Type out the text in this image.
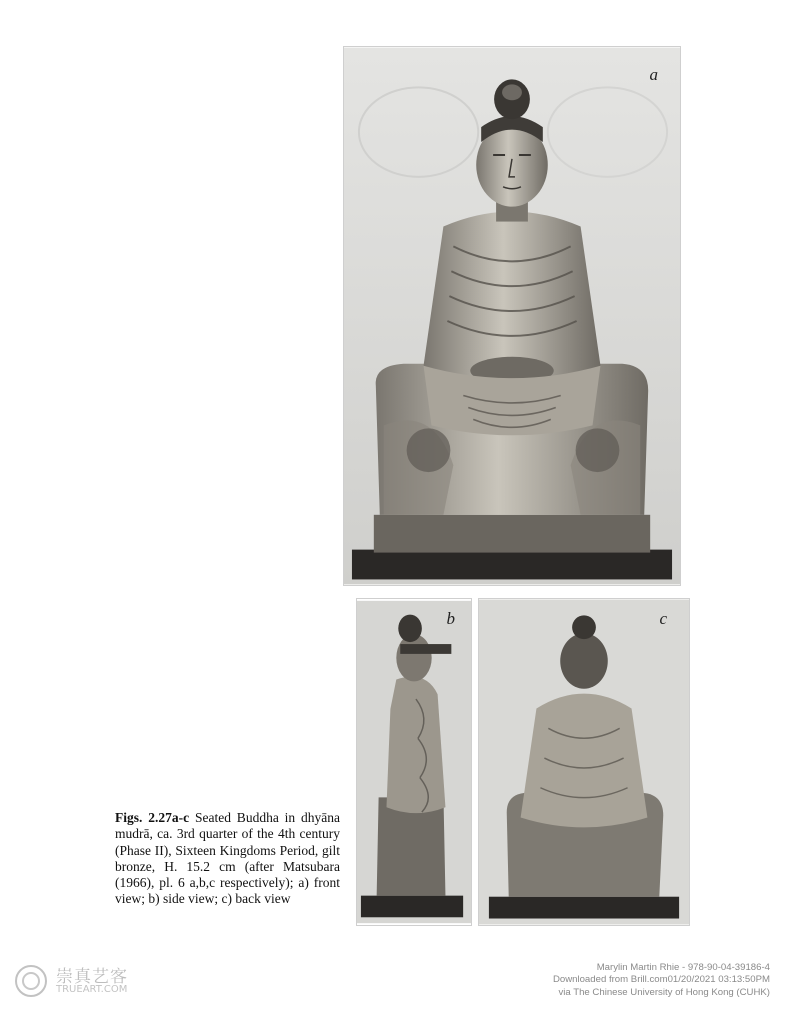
a
b	c
Figs. 2.27a-c Seated Buddha in dhyāna mudrā, ca. 3rd quarter of the 4th century (Phase II), Sixteen Kingdoms Period, gilt bronze, H. 15.2 cm (after Matsubara (1966), pl. 6 a,b,c respectively); a) front view; b) side view; c) back view
崇真艺客
TRUEART.COM
Marylin Martin Rhie - 978-90-04-39186-4
Downloaded from Brill.com01/20/2021 03:13:50PM
via The Chinese University of Hong Kong (CUHK)
